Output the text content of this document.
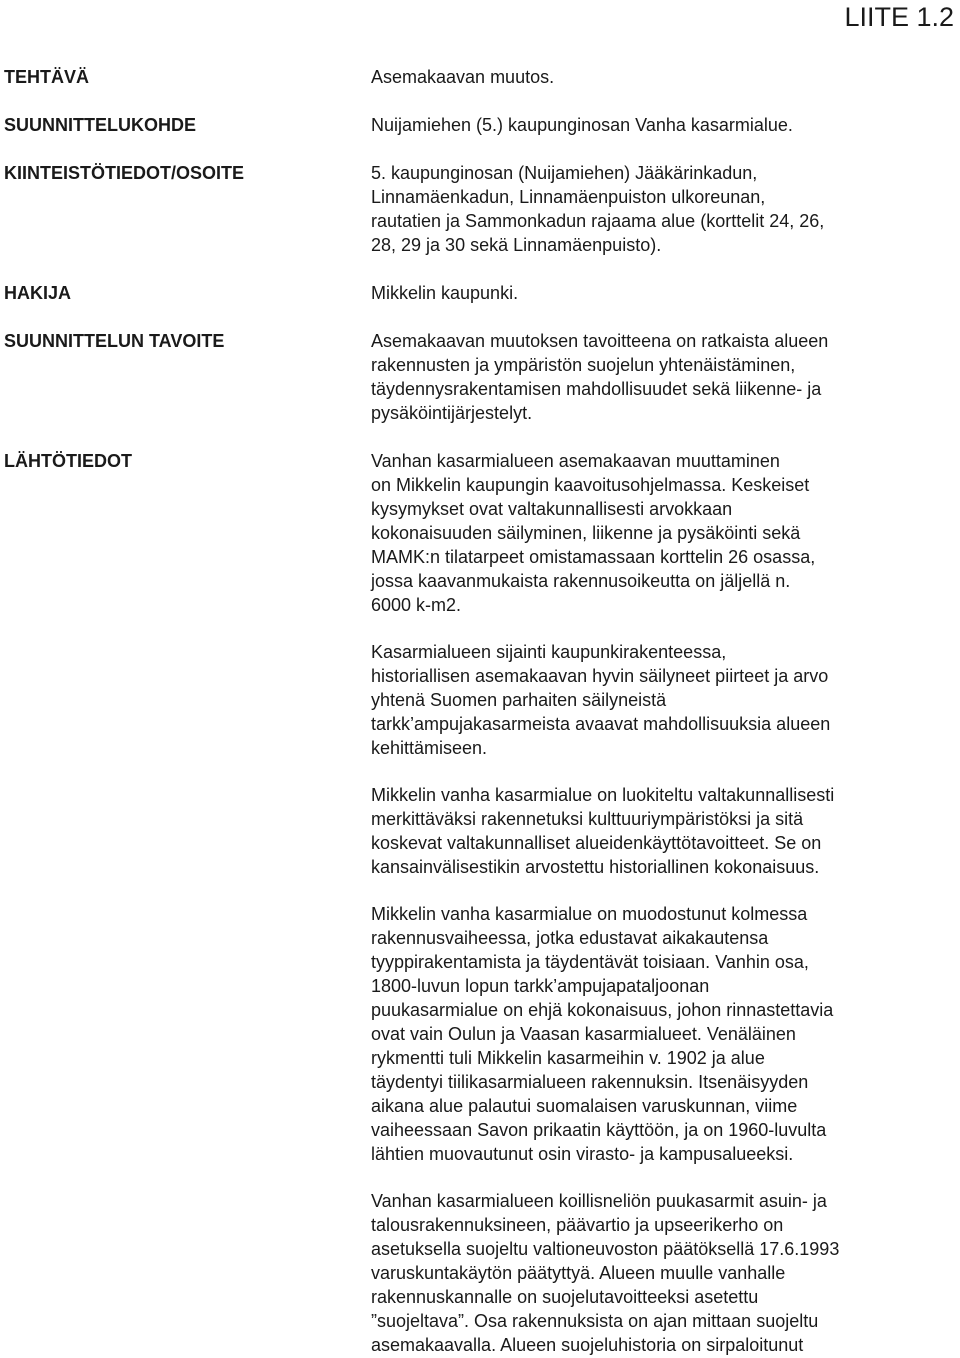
LIITE 1.2
TEHTÄVÄ
SUUNNITTELUKOHDE
KIINTEISTÖTIEDOT/OSOITE
HAKIJA
SUUNNITTELUN TAVOITE
LÄHTÖTIEDOT
Asemakaavan muutos.
Nuijamiehen (5.) kaupunginosan Vanha kasarmialue.
5. kaupunginosan (Nuijamiehen) Jääkärinkadun,
Linnamäenkadun, Linnamäenpuiston ulkoreunan,
rautatien ja Sammonkadun rajaama alue (korttelit 24, 26,
28, 29 ja 30 sekä Linnamäenpuisto).
Mikkelin kaupunki.
Asemakaavan muutoksen tavoitteena on ratkaista alueen
rakennusten ja ympäristön suojelun yhtenäistäminen,
täydennysrakentamisen mahdollisuudet sekä liikenne- ja
pysäköintijärjestelyt.
Vanhan kasarmialueen asemakaavan muuttaminen
on Mikkelin kaupungin kaavoitusohjelmassa. Keskeiset
kysymykset ovat valtakunnallisesti arvokkaan
kokonaisuuden säilyminen, liikenne ja pysäköinti sekä
MAMK:n tilatarpeet omistamassaan korttelin 26 osassa,
jossa kaavanmukaista rakennusoikeutta on jäljellä n.
6000 k-m2.
Kasarmialueen sijainti kaupunkirakenteessa,
historiallisen asemakaavan hyvin säilyneet piirteet ja arvo
yhtenä Suomen parhaiten säilyneistä
tarkk’ampujakasarmeista avaavat mahdollisuuksia alueen
kehittämiseen.
Mikkelin vanha kasarmialue on luokiteltu valtakunnallisesti
merkittäväksi rakennetuksi kulttuuriympäristöksi ja sitä
koskevat valtakunnalliset alueidenkäyttötavoitteet. Se on
kansainvälisestikin arvostettu historiallinen kokonaisuus.
Mikkelin vanha kasarmialue on muodostunut kolmessa
rakennusvaiheessa, jotka edustavat aikakautensa
tyyppirakentamista ja täydentävät toisiaan. Vanhin osa,
1800-luvun lopun tarkk’ampujapataljoonan
puukasarmialue on ehjä kokonaisuus, johon rinnastettavia
ovat vain Oulun ja Vaasan kasarmialueet. Venäläinen
rykmentti tuli Mikkelin kasarmeihin v. 1902 ja alue
täydentyi tiilikasarmialueen rakennuksin. Itsenäisyyden
aikana alue palautui suomalaisen varuskunnan, viime
vaiheessaan Savon prikaatin käyttöön, ja on 1960-luvulta
lähtien muovautunut osin virasto- ja kampusalueeksi.
Vanhan kasarmialueen koillisneliön puukasarmit asuin- ja
talousrakennuksineen, päävartio ja upseerikerho on
asetuksella suojeltu valtioneuvoston päätöksellä 17.6.1993
varuskuntakäytön päätyttyä. Alueen muulle vanhalle
rakennuskannalle on suojelutavoitteeksi asetettu
”suojeltava”. Osa rakennuksista on ajan mittaan suojeltu
asemakaavalla. Alueen suojeluhistoria on sirpaloitunut
